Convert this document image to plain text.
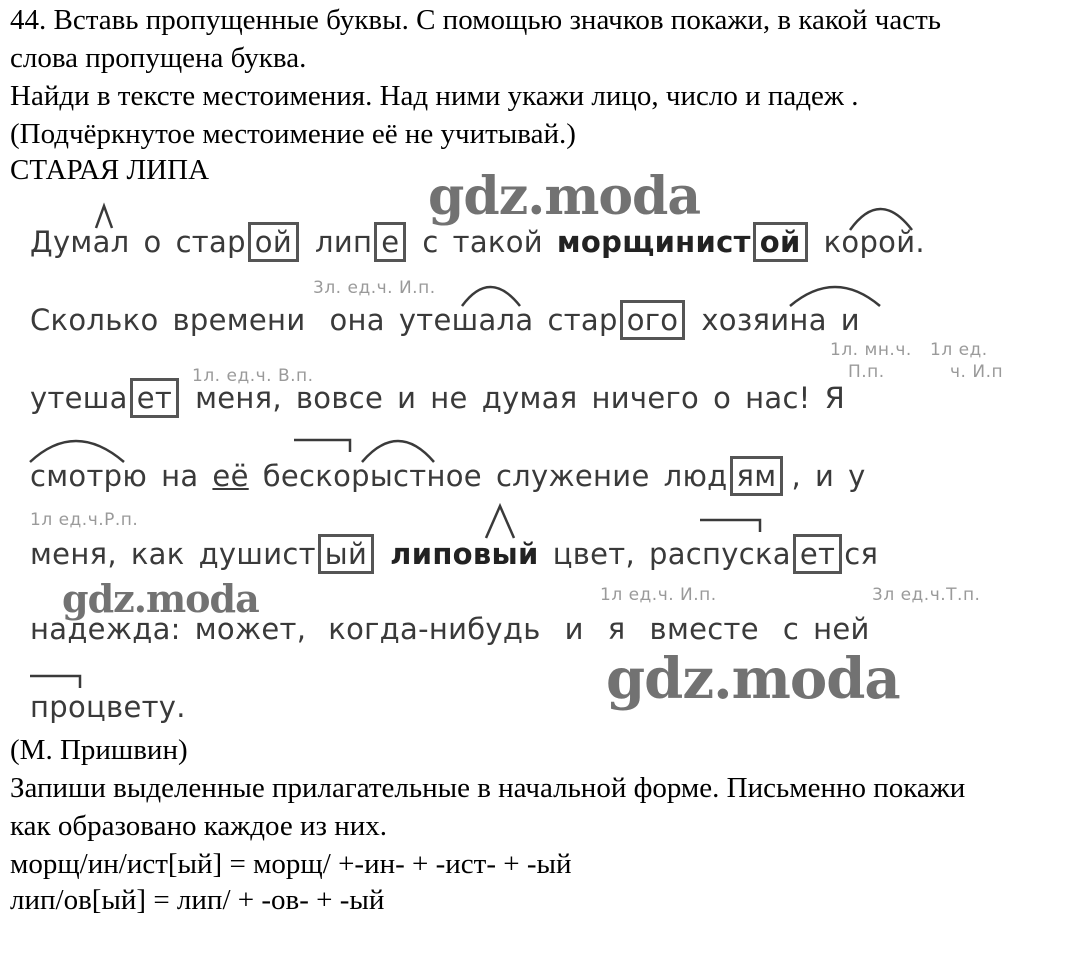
44. Вставь пропущенные буквы. С помощью значков покажи, в какой часть
слова пропущена буква.
Найди в тексте местоимения. Над ними укажи лицо, число и падеж .
(Подчёркнутое местоимение её не учитывай.)
СТАРАЯ ЛИПА
Думал о стар ой лип е с такой морщинист ой корой.
Сколько времени она утешала стар ого хозяина и
утеша ет меня, вовсе и не думая ничего о нас! Я
смотрю на её бескорыстное служение люд ям , и у
меня, как душист ый липовый цвет, распуска ет ся
надежда: может, когда-нибудь и я вместе с ней
процвету.
3л. ед.ч. И.п.
1л. мн.ч.
П.п.
1л ед.
ч. И.п
1л. ед.ч. В.п.
1л ед.ч.Р.п.
1л ед.ч. И.п.	3л ед.ч.Т.п.
gdz.moda
gdz.moda
gdz.moda
(М. Пришвин)
Запиши выделенные прилагательные в начальной форме. Письменно покажи
как образовано каждое из них.
морщ/ин/ист[ый] = морщ/ +-ин- + -ист- + -ый
лип/ов[ый] = лип/ + -ов- + -ый
